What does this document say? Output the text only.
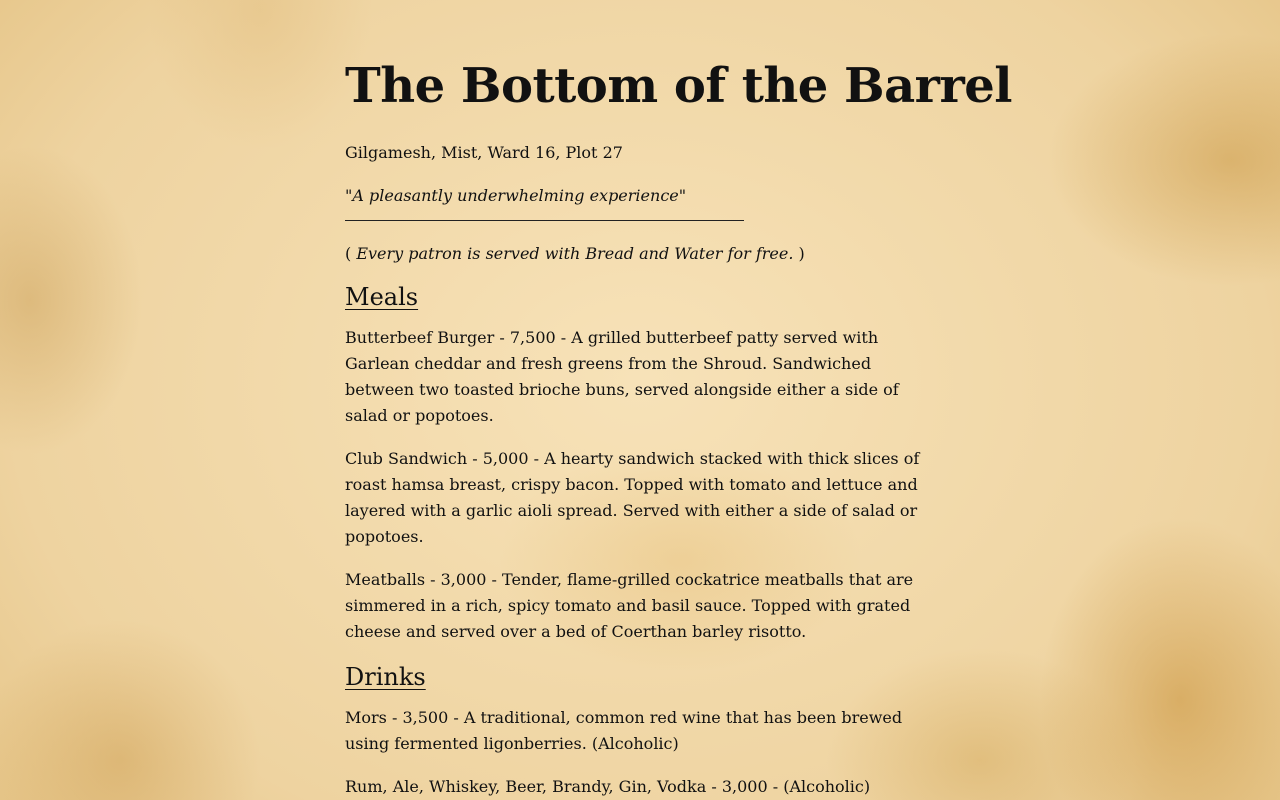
The Bottom of the Barrel

Gilgamesh, Mist, Ward 16, Plot 27

"A pleasantly underwhelming experience"

( Every patron is served with Bread and Water for free. )

Meals

Butterbeef Burger - 7,500 - A grilled butterbeef patty served with Garlean cheddar and fresh greens from the Shroud. Sandwiched between two toasted brioche buns, served alongside either a side of salad or popotoes.

Club Sandwich - 5,000 - A hearty sandwich stacked with thick slices of roast hamsa breast, crispy bacon. Topped with tomato and lettuce and layered with a garlic aioli spread. Served with either a side of salad or popotoes.

Meatballs - 3,000 - Tender, flame-grilled cockatrice meatballs that are simmered in a rich, spicy tomato and basil sauce. Topped with grated cheese and served over a bed of Coerthan barley risotto.

Drinks

Mors - 3,500 - A traditional, common red wine that has been brewed using fermented ligonberries. (Alcoholic)

Rum, Ale, Whiskey, Beer, Brandy, Gin, Vodka - 3,000 - (Alcoholic)
